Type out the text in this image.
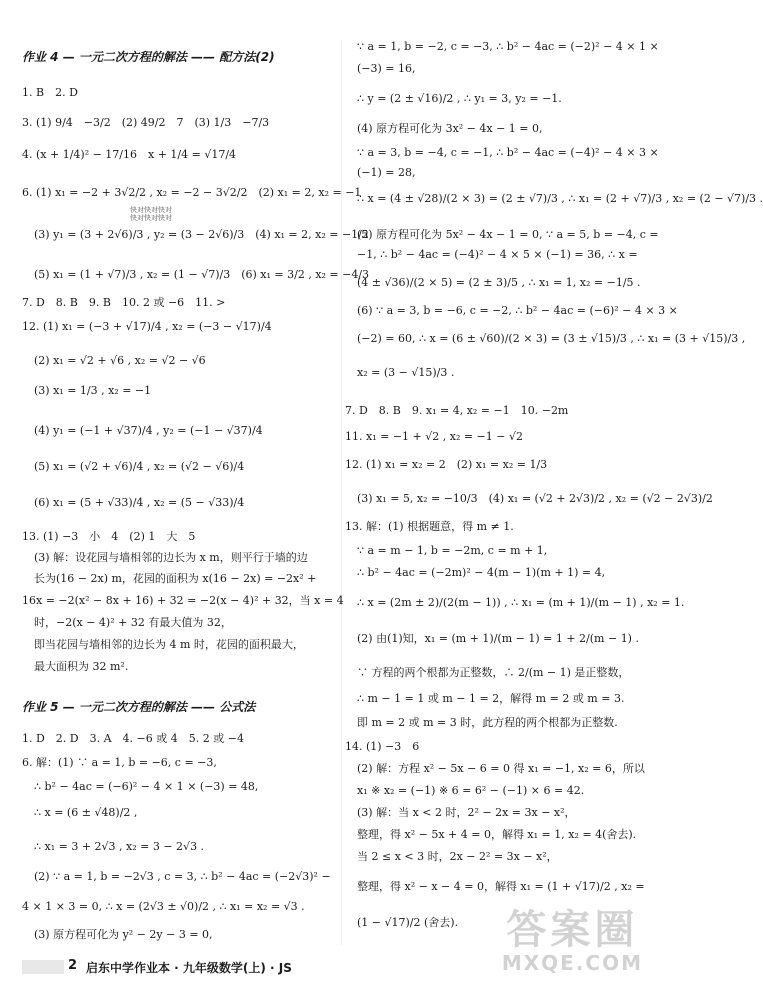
作业 4 — 一元二次方程的解法 —— 配方法(2)
1. B　2. D
3. (1) 9/4　−3/2　(2) 49/2　7　(3) 1/3　−7/3
4. (x + 1/4)² − 17/16　x + 1/4 = √17/4
6. (1) x₁ = −2 + 3√2/2 , x₂ = −2 − 3√2/2　(2) x₁ = 2, x₂ = −1
(3) y₁ = (3 + 2√6)/3 , y₂ = (3 − 2√6)/3　(4) x₁ = 2, x₂ = −1/2
(5) x₁ = (1 + √7)/3 , x₂ = (1 − √7)/3　(6) x₁ = 3/2 , x₂ = −4/3
7. D　8. B　9. B　10. 2 或 −6　11. >
12. (1) x₁ = (−3 + √17)/4 , x₂ = (−3 − √17)/4
(2) x₁ = √2 + √6 , x₂ = √2 − √6
(3) x₁ = 1/3 , x₂ = −1
(4) y₁ = (−1 + √37)/4 , y₂ = (−1 − √37)/4
(5) x₁ = (√2 + √6)/4 , x₂ = (√2 − √6)/4
(6) x₁ = (5 + √33)/4 , x₂ = (5 − √33)/4
13. (1) −3　小　4　(2) 1　大　5
(3) 解：设花园与墙相邻的边长为 x m，则平行于墙的边
长为(16 − 2x) m，花园的面积为 x(16 − 2x) = −2x² +
16x = −2(x² − 8x + 16) + 32 = −2(x − 4)² + 32，当 x = 4
时，−2(x − 4)² + 32 有最大值为 32，
即当花园与墙相邻的边长为 4 m 时，花园的面积最大，
最大面积为 32 m².
作业 5 — 一元二次方程的解法 —— 公式法
1. D　2. D　3. A　4. −6 或 4　5. 2 或 −4
6. 解：(1) ∵ a = 1, b = −6, c = −3,
∴ b² − 4ac = (−6)² − 4 × 1 × (−3) = 48,
∴ x = (6 ± √48)/2 ,
∴ x₁ = 3 + 2√3 , x₂ = 3 − 2√3 .
(2) ∵ a = 1, b = −2√3 , c = 3, ∴ b² − 4ac = (−2√3)² −
4 × 1 × 3 = 0, ∴ x = (2√3 ± √0)/2 , ∴ x₁ = x₂ = √3 .
(3) 原方程可化为 y² − 2y − 3 = 0,
∵ a = 1, b = −2, c = −3, ∴ b² − 4ac = (−2)² − 4 × 1 ×
(−3) = 16,
∴ y = (2 ± √16)/2 , ∴ y₁ = 3, y₂ = −1.
(4) 原方程可化为 3x² − 4x − 1 = 0,
∵ a = 3, b = −4, c = −1, ∴ b² − 4ac = (−4)² − 4 × 3 ×
(−1) = 28,
∴ x = (4 ± √28)/(2 × 3) = (2 ± √7)/3 , ∴ x₁ = (2 + √7)/3 , x₂ = (2 − √7)/3 .
(5) 原方程可化为 5x² − 4x − 1 = 0, ∵ a = 5, b = −4, c =
−1, ∴ b² − 4ac = (−4)² − 4 × 5 × (−1) = 36, ∴ x =
(4 ± √36)/(2 × 5) = (2 ± 3)/5 , ∴ x₁ = 1, x₂ = −1/5 .
(6) ∵ a = 3, b = −6, c = −2, ∴ b² − 4ac = (−6)² − 4 × 3 ×
(−2) = 60, ∴ x = (6 ± √60)/(2 × 3) = (3 ± √15)/3 , ∴ x₁ = (3 + √15)/3 ,
x₂ = (3 − √15)/3 .
7. D　8. B　9. x₁ = 4, x₂ = −1　10. −2m
11. x₁ = −1 + √2 , x₂ = −1 − √2
12. (1) x₁ = x₂ = 2　(2) x₁ = x₂ = 1/3
(3) x₁ = 5, x₂ = −10/3　(4) x₁ = (√2 + 2√3)/2 , x₂ = (√2 − 2√3)/2
13. 解：(1) 根据题意，得 m ≠ 1.
∵ a = m − 1, b = −2m, c = m + 1,
∴ b² − 4ac = (−2m)² − 4(m − 1)(m + 1) = 4,
∴ x = (2m ± 2)/(2(m − 1)) , ∴ x₁ = (m + 1)/(m − 1) , x₂ = 1.
(2) 由(1)知，x₁ = (m + 1)/(m − 1) = 1 + 2/(m − 1) .
∵ 方程的两个根都为正整数，∴ 2/(m − 1) 是正整数，
∴ m − 1 = 1 或 m − 1 = 2，解得 m = 2 或 m = 3.
即 m = 2 或 m = 3 时，此方程的两个根都为正整数.
14. (1) −3　6
(2) 解：方程 x² − 5x − 6 = 0 得 x₁ = −1, x₂ = 6，所以
x₁ ※ x₂ = (−1) ※ 6 = 6² − (−1) × 6 = 42.
(3) 解：当 x < 2 时，2² − 2x = 3x − x²，
整理，得 x² − 5x + 4 = 0，解得 x₁ = 1, x₂ = 4(舍去).
当 2 ≤ x < 3 时，2x − 2² = 3x − x²，
整理，得 x² − x − 4 = 0，解得 x₁ = (1 + √17)/2 , x₂ =
(1 − √17)/2 (舍去).
快对快对快对
快对快对快对
2 启东中学作业本 · 九年级数学(上) · JS
答案圈
MXQE.COM
